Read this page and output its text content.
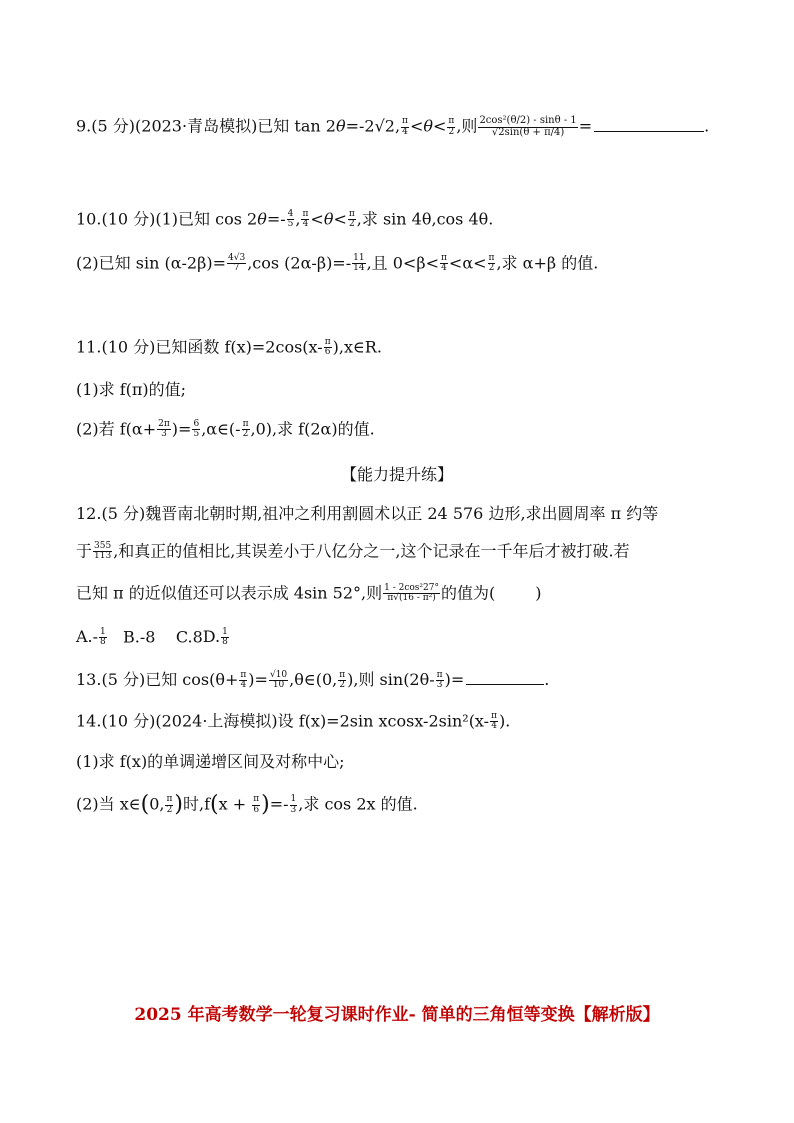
9.(5 分)(2023·青岛模拟)已知 tan 2θ=-2√2, $\frac{\pi}{4} <\theta< \frac{\pi}{2}$ ,则 $\frac{\text{2cos²(θ/2) - sinθ - 1}}{√2\sin(\theta + \pi/4)}$ =	.
10.(10 分)(1)已知 $\cos 2\theta=- \frac{4}{5}$ , $\frac{\pi}{4} <\theta< \frac{\pi}{2}$ ,求 sin 4θ,cos 4θ.
(2)已知 $\sin (\alpha-2\beta)= \frac{4√3}{7} ,\cos$ $(2\alpha-\beta)=- \frac{11}{14}$ ,且 $0<\beta< \frac{\pi}{4} <\alpha< \frac{\pi}{2}$ ,求 α+β 的值.
11.(10 分)已知函数 $f(x)=2\cos(x- \frac{\pi}{6}$ ),x∈R.
(1)求 f(π)的值;
(2)若 $f(\alpha+ \frac{2\pi}{3}$ )= $\frac{6}{5}$ ,α∈(- $\frac{\pi}{2} ,0$),求 f(2α)的值.
【能力提升练】
12.(5 分)魏晋南北朝时期,祖冲之利用割圆术以正 24 576 边形,求出圆周率 π 约等
于 $\frac{355}{113}$ ,和真正的值相比,其误差小于八亿分之一,这个记录在一千年后才被打破.若
已知 π 的近似值还可以表示成 4sin 52°,则 $\frac{\text{1 - 2cos²27°}}{\text{π√(16 - π²)}}$ 的值为(	)
$A.- \frac{1}{8} B.-8$ C.8D. $\frac{1}{8}$
13.(5 分)已知 $\cos(\theta+ \frac{\pi}{4}$ )= $\frac{√10}{10}$ ,θ∈(0, $\frac{\pi}{2}$ ),则 $\sin(2\theta- \frac{\pi}{3}$ )=	.
14.(10 分)(2024·上海模拟)设 f(x)=2sin $xcosx-2\sin^2(x- \frac{\pi}{4}$ ).
(1)求 f(x)的单调递增区间及对称中心;
(2)当 x∈(0, $\frac{\pi}{2}$ )时$,f(x + \frac{\pi}{6}$ )=- $\frac{1}{3}$ ,求 cos 2x 的值.
2025 年高考数学一轮复习课时作业- 简单的三角恒等变换【解析版】
